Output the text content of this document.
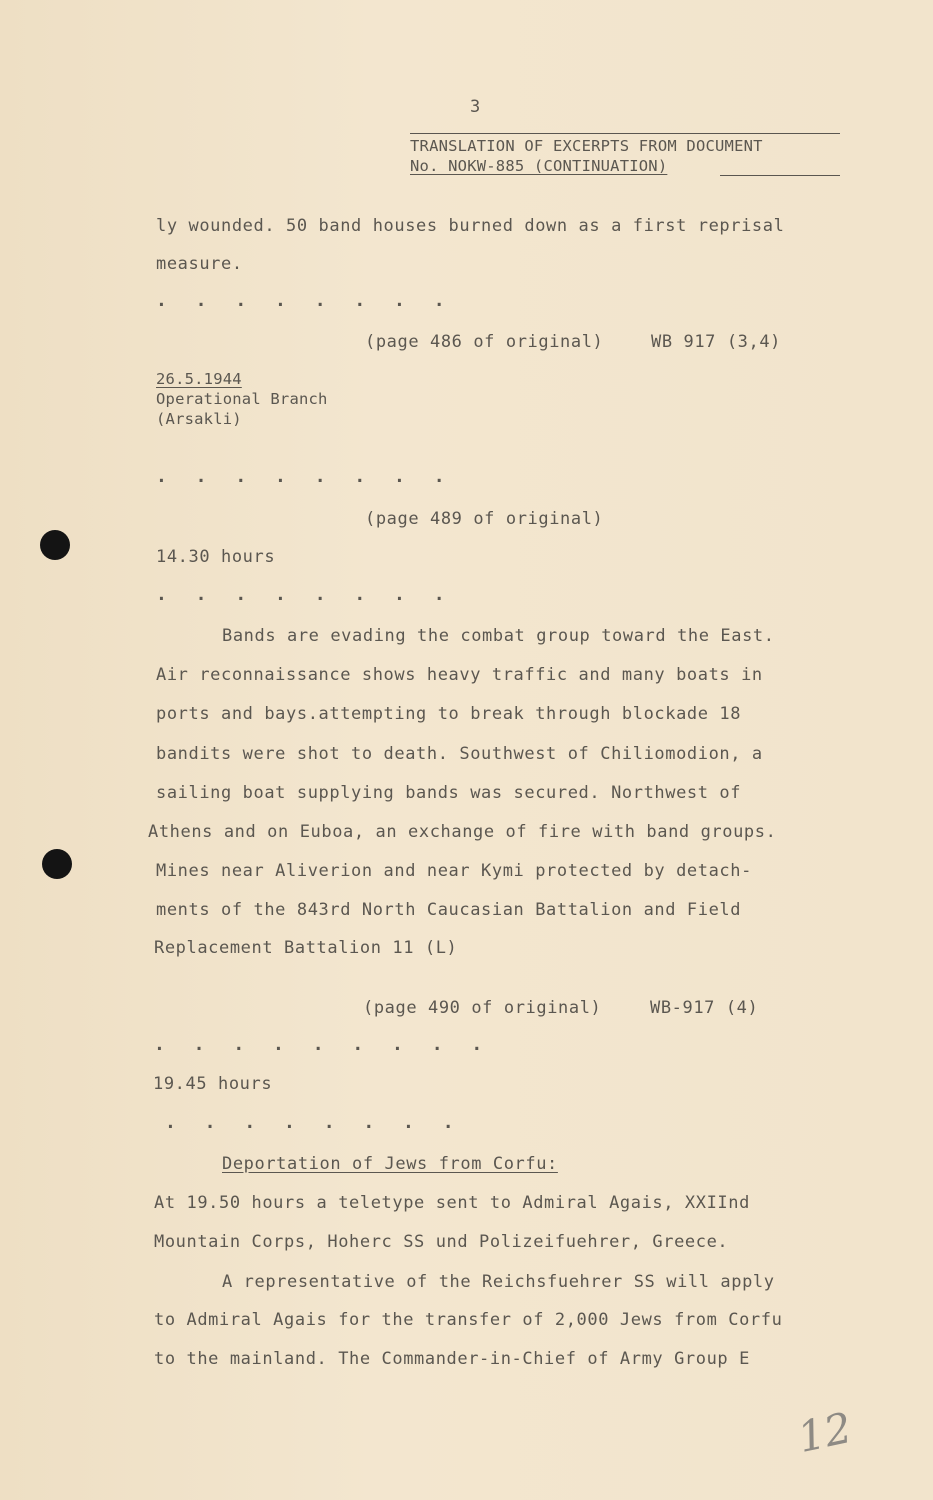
3
TRANSLATION OF EXCERPTS FROM DOCUMENT
No. NOKW-885 (CONTINUATION)
ly wounded. 50 band houses burned down as a first reprisal
measure.
. . . . . . . .
(page 486 of original)	WB 917 (3,4)
26.5.1944
Operational Branch
(Arsakli)
. . . . . . . .
(page 489 of original)
14.30 hours
. . . . . . . .
Bands are evading the combat group toward the East.
Air reconnaissance shows heavy traffic and many boats in
ports and bays.attempting to break through blockade 18
bandits were shot to death. Southwest of Chiliomodion, a
sailing boat supplying bands was secured. Northwest of
Athens and on Euboa, an exchange of fire with band groups.
Mines near Aliverion and near Kymi protected by detach-
ments of the 843rd North Caucasian Battalion and Field
Replacement Battalion 11 (L)
(page 490 of original)	WB-917 (4)
. . . . . . . . .
19.45 hours
. . . . . . . .
Deportation of Jews from Corfu:
At 19.50 hours a teletype sent to Admiral Agais, XXIInd
Mountain Corps, Hoherc SS und Polizeifuehrer, Greece.
A representative of the Reichsfuehrer SS will apply
to Admiral Agais for the transfer of 2,000 Jews from Corfu
to the mainland. The Commander-in-Chief of Army Group E
12
